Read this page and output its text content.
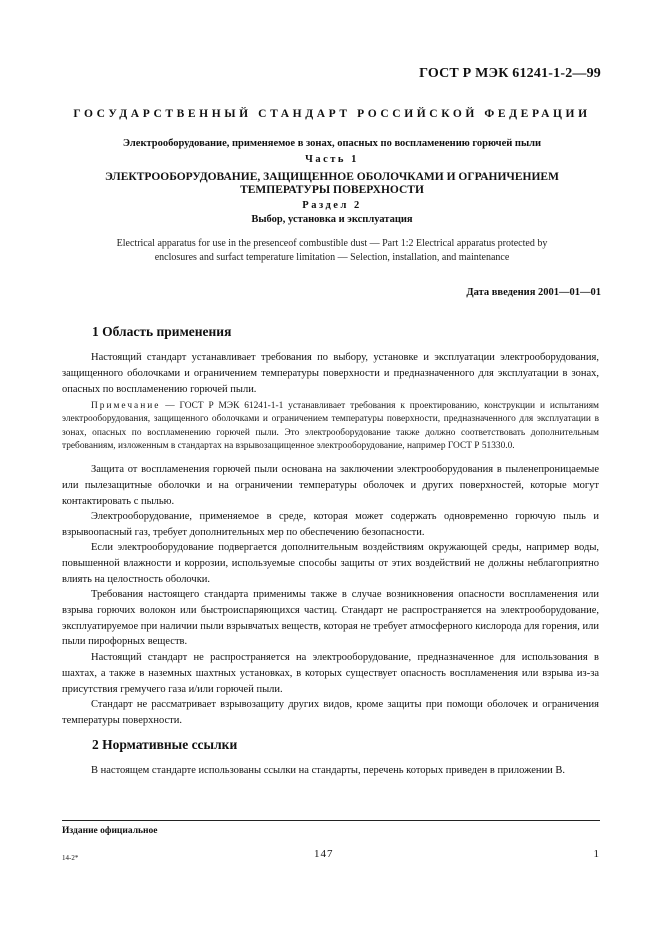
ГОСТ Р МЭК 61241-1-2—99
ГОСУДАРСТВЕННЫЙ СТАНДАРТ РОССИЙСКОЙ ФЕДЕРАЦИИ
Электрооборудование, применяемое в зонах, опасных по воспламенению горючей пыли
Часть 1
ЭЛЕКТРООБОРУДОВАНИЕ, ЗАЩИЩЕННОЕ ОБОЛОЧКАМИ И ОГРАНИЧЕНИЕМ
ТЕМПЕРАТУРЫ ПОВЕРХНОСТИ
Раздел 2
Выбор, установка и эксплуатация
Electrical apparatus for use in the presenceof combustible dust — Part 1:2 Electrical apparatus protected by
enclosures and surfact temperature limitation — Selection, installation, and maintenance
Дата введения 2001—01—01
1 Область применения

Настоящий стандарт устанавливает требования по выбору, установке и эксплуатации электрооборудования, защищенного оболочками и ограничением температуры поверхности и предназначенного для эксплуатации в зонах, опасных по воспламенению горючей пыли.

Примечание — ГОСТ Р МЭК 61241-1-1 устанавливает требования к проектированию, конструкции и испытаниям электрооборудования, защищенного оболочками и ограничением температуры поверхности, предназначенного для эксплуатации в зонах, опасных по воспламенению горючей пыли. Это электрооборудование также должно соответствовать дополнительным требованиям, изложенным в стандартах на взрывозащищенное электрооборудование, например ГОСТ Р 51330.0.

Защита от воспламенения горючей пыли основана на заключении электрооборудования в пыленепроницаемые или пылезащитные оболочки и на ограничении температуры оболочек и других поверхностей, которые могут контактировать с пылью.

Электрооборудование, применяемое в среде, которая может содержать одновременно горючую пыль и взрывоопасный газ, требует дополнительных мер по обеспечению безопасности.

Если электрооборудование подвергается дополнительным воздействиям окружающей среды, например воды, повышенной влажности и коррозии, используемые способы защиты от этих воздействий не должны неблагоприятно влиять на целостность оболочки.

Требования настоящего стандарта применимы также в случае возникновения опасности воспламенения или взрыва горючих волокон или быстроиспаряющихся частиц. Стандарт не распространяется на электрооборудование, эксплуатируемое при наличии пыли взрывчатых веществ, которая не требует атмосферного кислорода для горения, или пыли пирофорных веществ.

Настоящий стандарт не распространяется на электрооборудование, предназначенное для использования в шахтах, а также в наземных шахтных установках, в которых существует опасность воспламенения или взрыва из-за присутствия гремучего газа и/или горючей пыли.

Стандарт не рассматривает взрывозащиту других видов, кроме защиты при помощи оболочек и ограничения температуры поверхности.

2 Нормативные ссылки

В настоящем стандарте использованы ссылки на стандарты, перечень которых приведен в приложении В.

Издание официальное
14-2*	147	1
